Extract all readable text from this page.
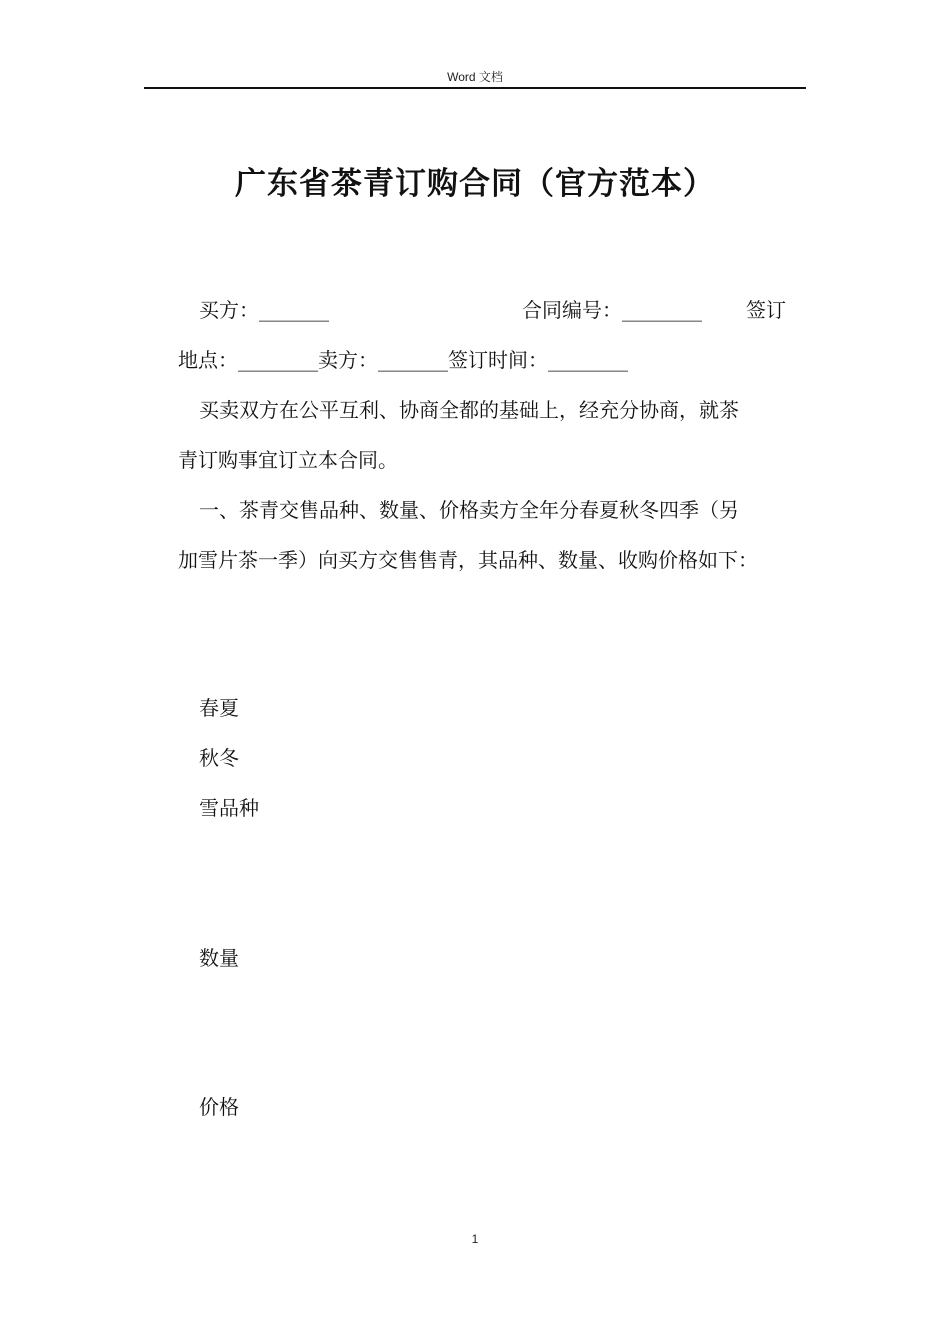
Word 文档
广东省茶青订购合同（官方范本）
买方：_______	合同编号：________ 签订
地点：________卖方：_______签订时间：________
买卖双方在公平互利、协商全都的基础上，经充分协商，就茶
青订购事宜订立本合同。
一、茶青交售品种、数量、价格卖方全年分春夏秋冬四季（另
加雪片茶一季）向买方交售售青，其品种、数量、收购价格如下：
春夏
秋冬
雪品种
数量
价格
1
